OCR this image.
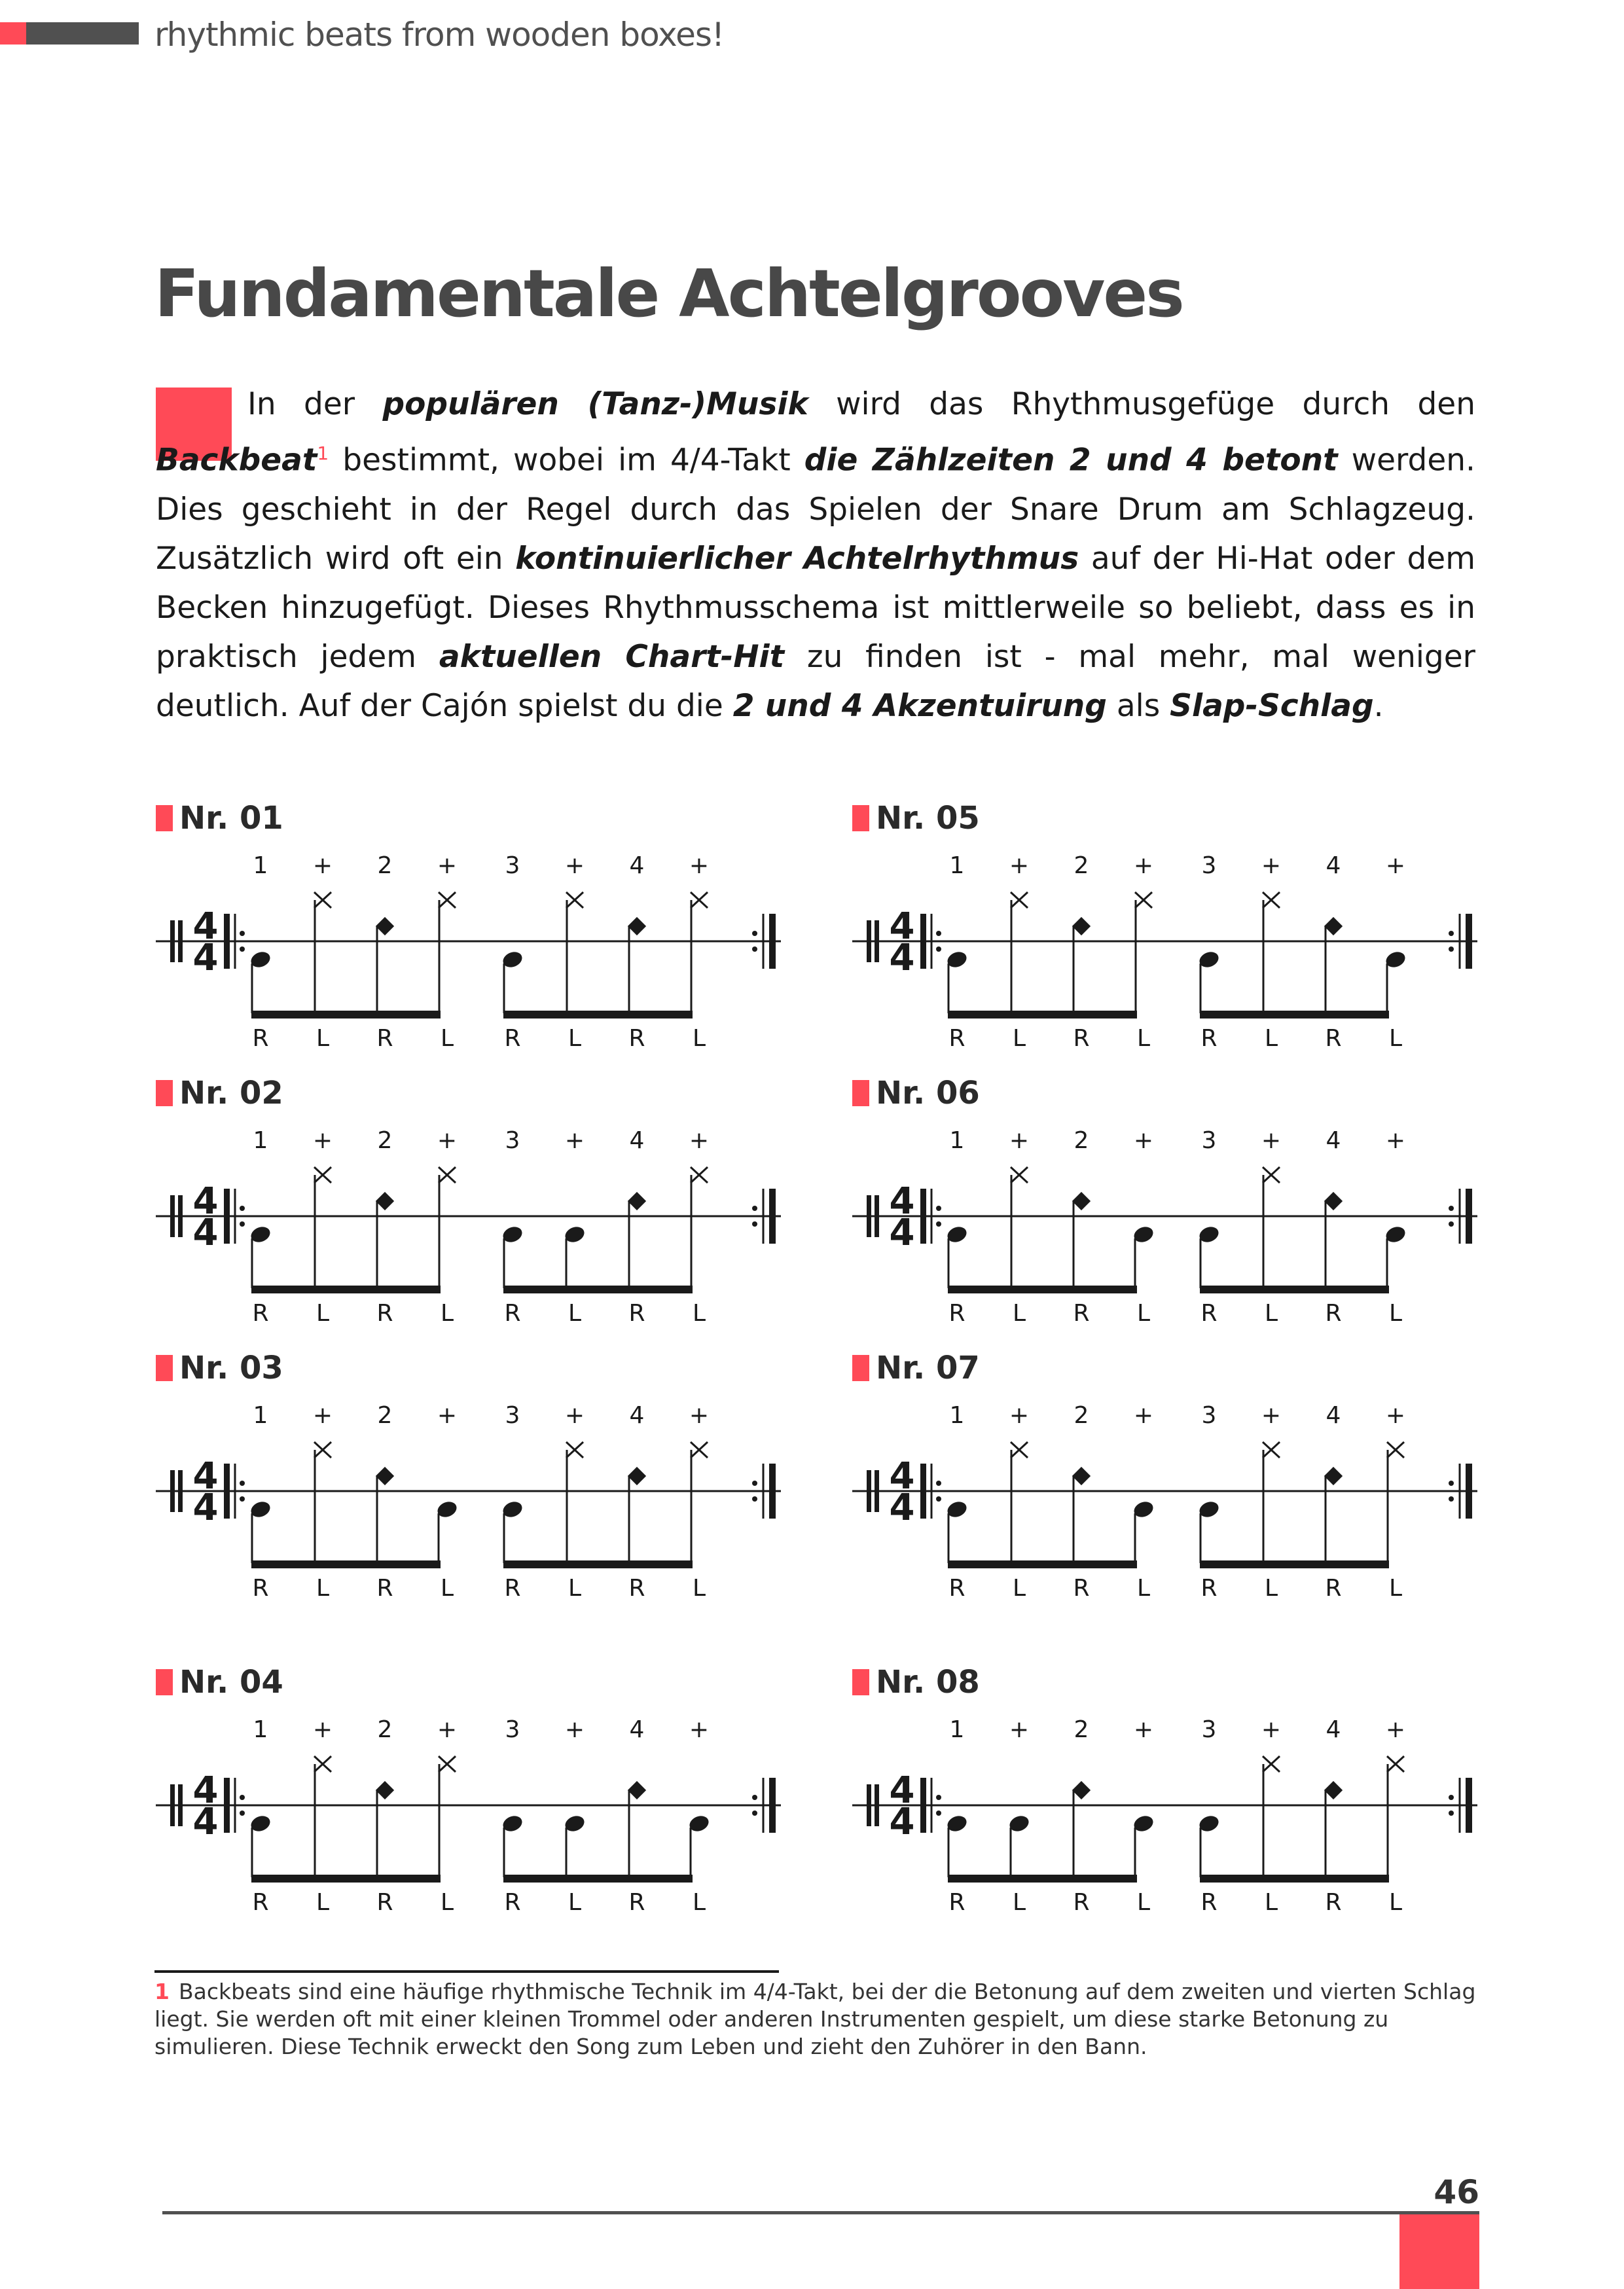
rhythmic beats from wooden boxes!
Fundamentale Achtelgrooves
In der populären (Tanz-)Musik wird das Rhythmusgefüge durch den Backbeat$^1$ bestimmt, wobei im 4/4-Takt die Zählzeiten 2 und 4 betont werden. Dies geschieht in der Regel durch das Spielen der Snare Drum am Schlagzeug. Zusätzlich wird oft ein kontinuierlicher Achtelrhythmus auf der Hi-Hat oder dem Becken hinzugefügt. Dieses Rhythmusschema ist mittlerweile so beliebt, dass es in praktisch jedem aktuellen Chart-Hit zu finden ist - mal mehr, mal weniger deutlich. Auf der Cajón spielst du die 2 und 4 Akzentuirung als Slap-Schlag.
Nr. 01
4
4
1 + 2 + 3 + 4 +
R L R L R L R L
Nr. 02
4
4
1 + 2 + 3 + 4 +
R L R L R L R L
Nr. 03
4
4
1 + 2 + 3 + 4 +
R L R L R L R L
Nr. 04
4
4
1 + 2 + 3 + 4 +
R L R L R L R L
Nr. 05
4
4
1 + 2 + 3 + 4 +
R L R L R L R L
Nr. 06
4
4
1 + 2 + 3 + 4 +
R L R L R L R L
Nr. 07
4
4
1 + 2 + 3 + 4 +
R L R L R L R L
Nr. 08
4
4
1 + 2 + 3 + 4 +
R L R L R L R L
1 Backbeats sind eine häufige rhythmische Technik im 4/4-Takt, bei der die Betonung auf dem zweiten und vierten Schlag liegt. Sie werden oft mit einer kleinen Trommel oder anderen Instrumenten gespielt, um diese starke Betonung zu simulieren. Diese Technik erweckt den Song zum Leben und zieht den Zuhörer in den Bann.
46
